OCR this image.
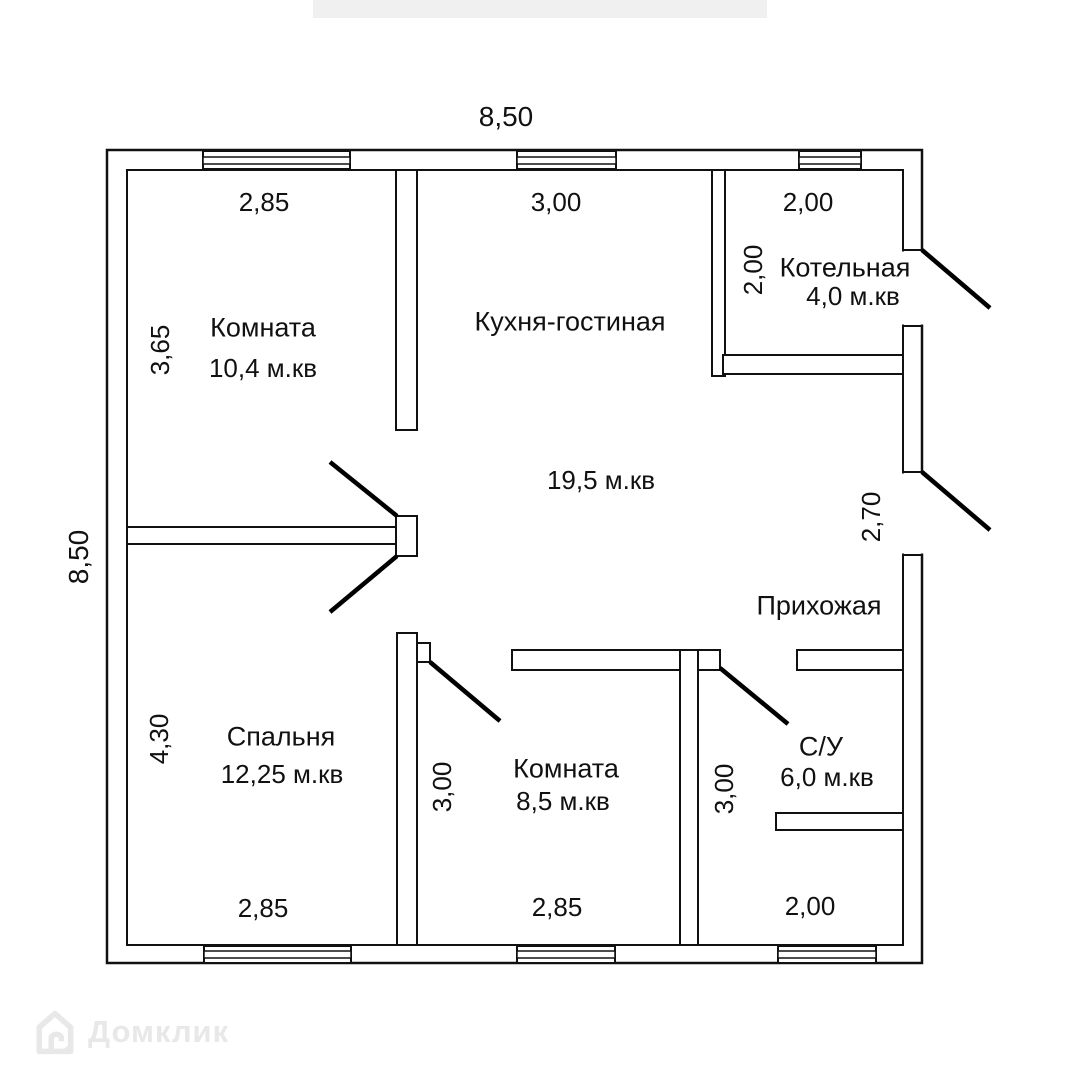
8,50
8,50
2,85	3,00	2,00
3,65
2,00
Комната
10,4 м.кв
Кухня-гостиная
19,5 м.кв
Котельная
4,0 м.кв
2,70
Прихожая
Спальня
12,25 м.кв
4,30
2,85
3,00 Комната
8,5 м.кв
2,85
3,00
С/У
6,0 м.кв
2,00
Домклик
